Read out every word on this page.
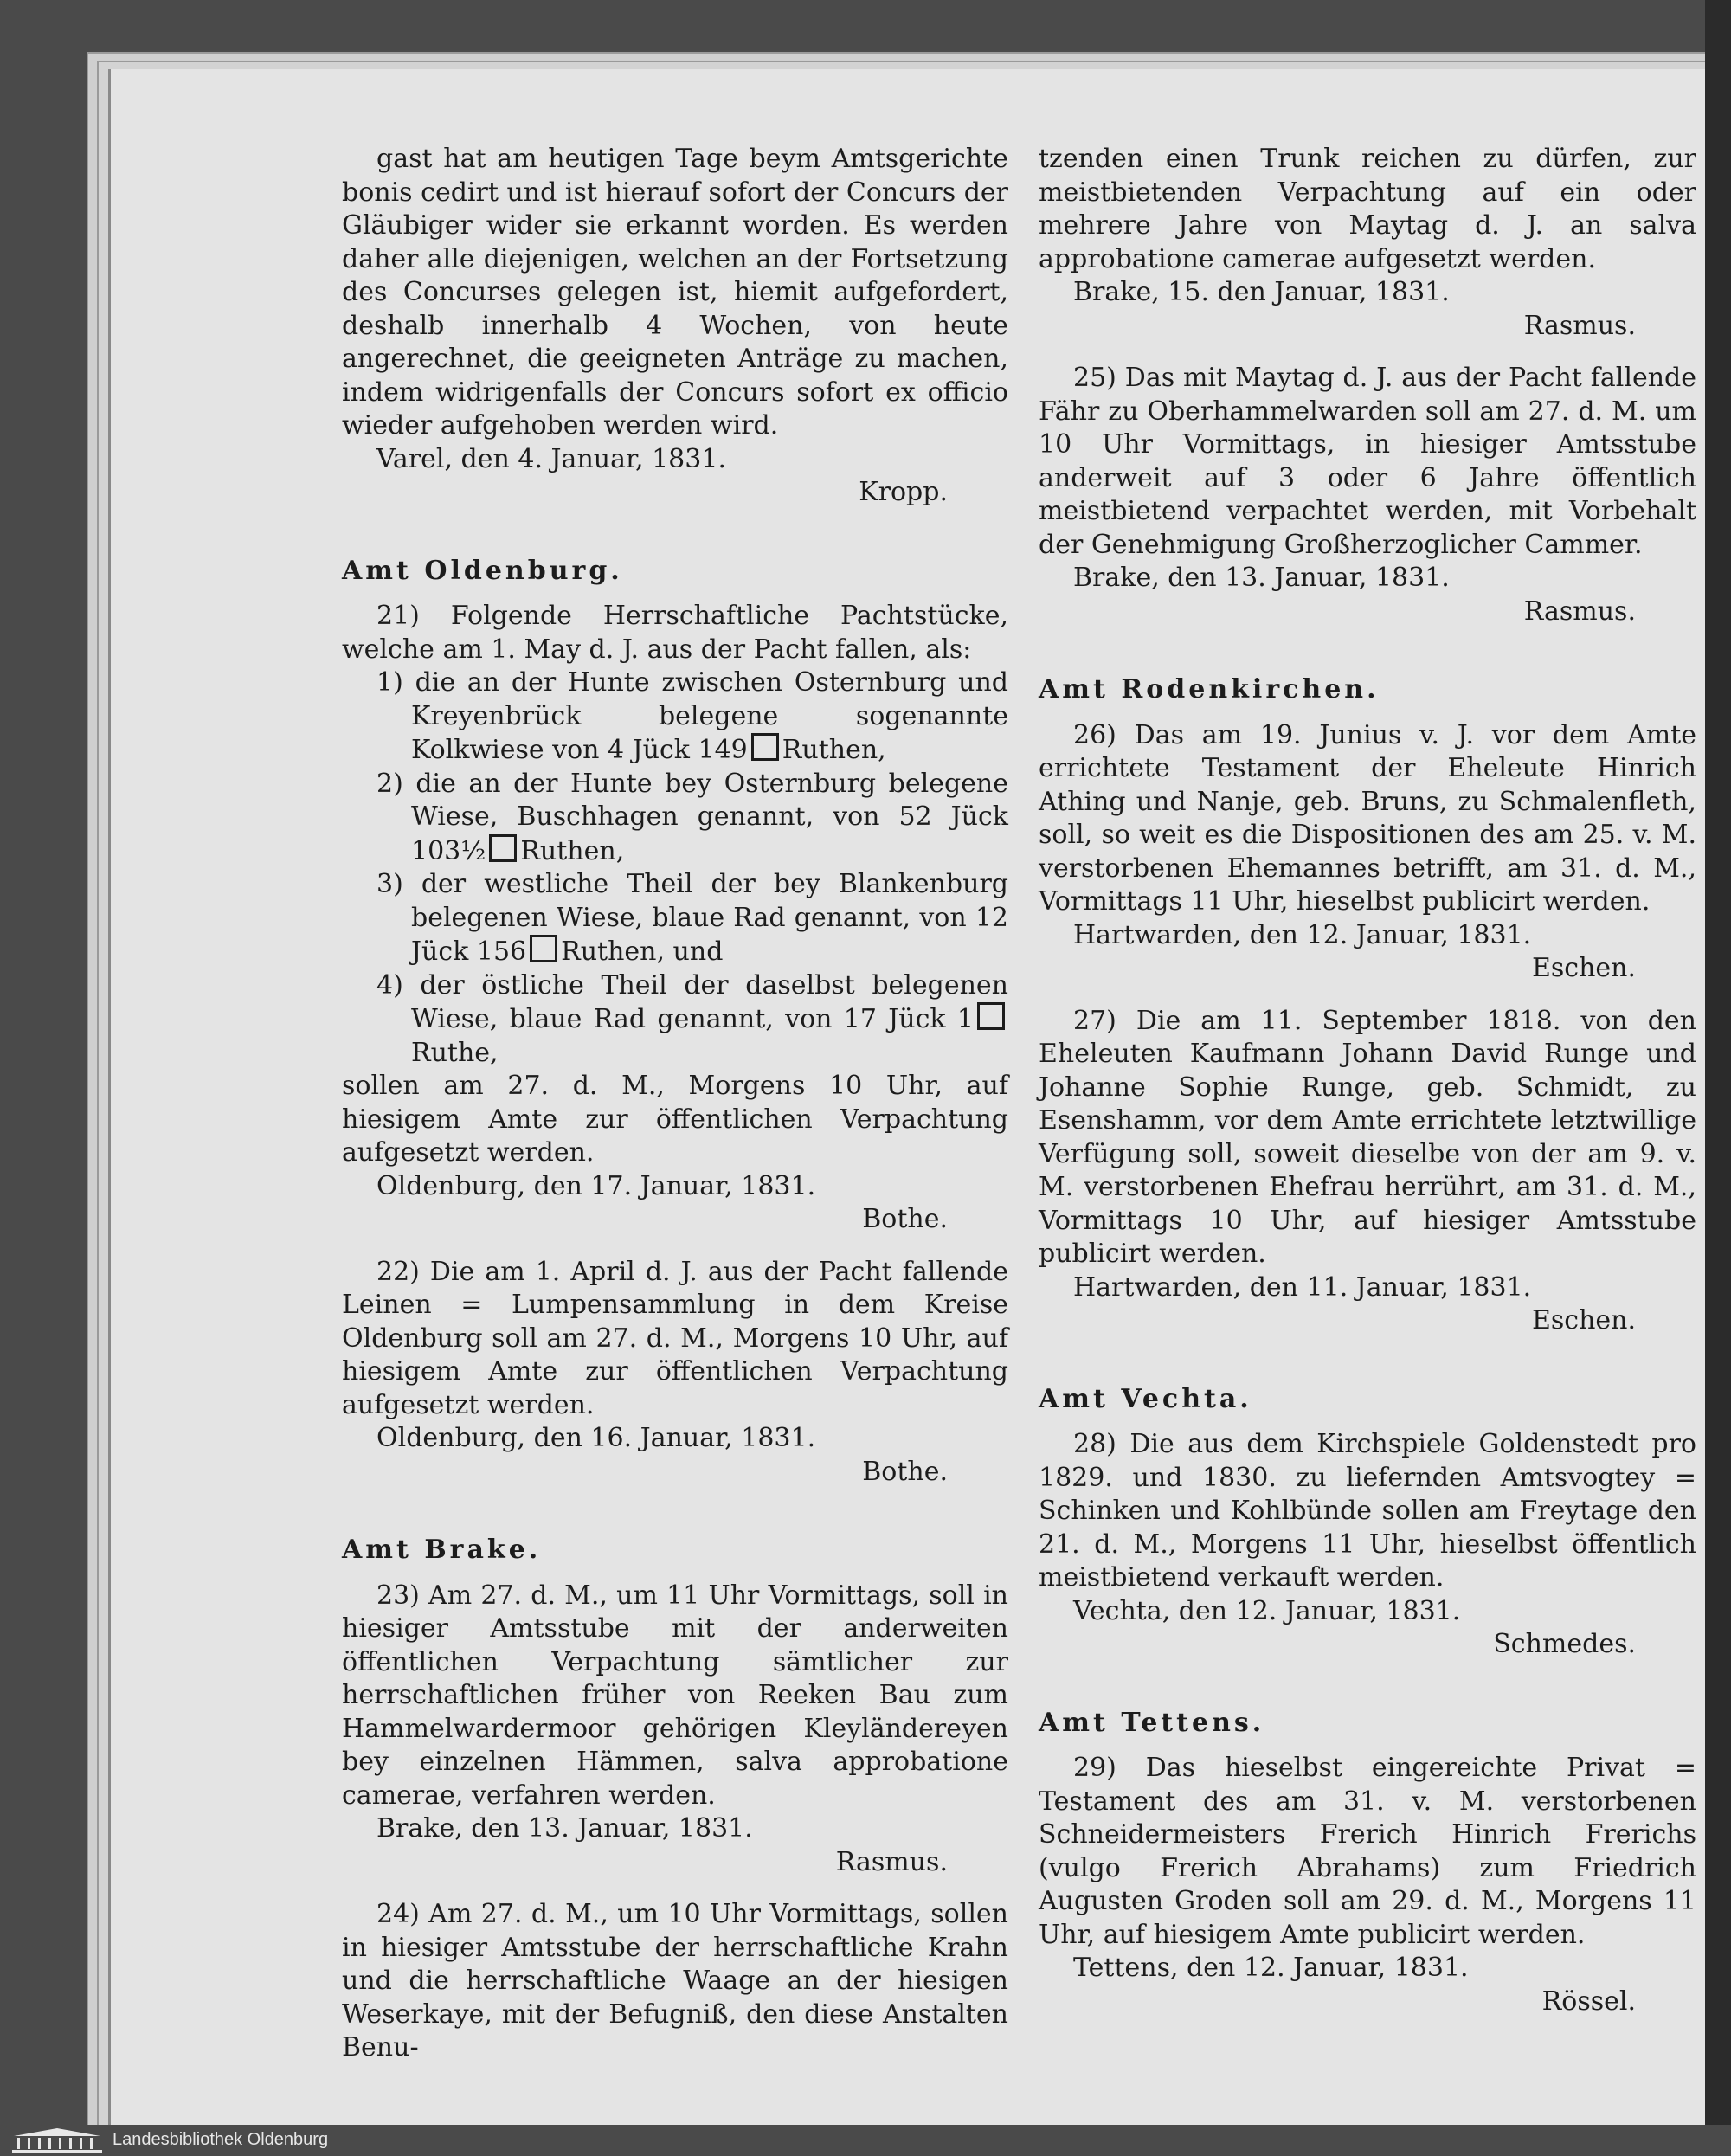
gast hat am heutigen Tage beym Amtsgerichte bonis cedirt und ist hierauf sofort der Concurs der Gläubiger wider sie erkannt worden. Es werden daher alle diejenigen, welchen an der Fortsetzung des Concurses gelegen ist, hiemit aufgefordert, deshalb innerhalb 4 Wochen, von heute angerechnet, die geeigneten Anträge zu machen, indem widrigenfalls der Concurs sofort ex officio wieder aufgehoben werden wird.

Varel, den 4. Januar, 1831.

Kropp.

Amt Oldenburg.

21) Folgende Herrschaftliche Pachtstücke, welche am 1. May d. J. aus der Pacht fallen, als:

1) die an der Hunte zwischen Osternburg und Kreyenbrück belegene sogenannte Kolkwiese von 4 Jück 149 Ruthen,

2) die an der Hunte bey Osternburg belegene Wiese, Buschhagen genannt, von 52 Jück 103½ Ruthen,

3) der westliche Theil der bey Blankenburg belegenen Wiese, blaue Rad genannt, von 12 Jück 156 Ruthen, und

4) der östliche Theil der daselbst belegenen Wiese, blaue Rad genannt, von 17 Jück 1Ruthe,

sollen am 27. d. M., Morgens 10 Uhr, auf hiesigem Amte zur öffentlichen Verpachtung aufgesetzt werden.

Oldenburg, den 17. Januar, 1831.

Bothe.

22) Die am 1. April d. J. aus der Pacht fallende Leinen = Lumpensammlung in dem Kreise Oldenburg soll am 27. d. M., Morgens 10 Uhr, auf hiesigem Amte zur öffentlichen Verpachtung aufgesetzt werden.

Oldenburg, den 16. Januar, 1831.

Bothe.

Amt Brake.

23) Am 27. d. M., um 11 Uhr Vormittags, soll in hiesiger Amtsstube mit der anderweiten öffentlichen Verpachtung sämtlicher zur herrschaftlichen früher von Reeken Bau zum Hammelwardermoor gehörigen Kleyländereyen bey einzelnen Hämmen, salva approbatione camerae, verfahren werden.

Brake, den 13. Januar, 1831.

Rasmus.

24) Am 27. d. M., um 10 Uhr Vormittags, sollen in hiesiger Amtsstube der herrschaftliche Krahn und die herrschaftliche Waage an der hiesigen Weserkaye, mit der Befugniß, den diese Anstalten Benu-

tzenden einen Trunk reichen zu dürfen, zur meistbietenden Verpachtung auf ein oder mehrere Jahre von Maytag d. J. an salva approbatione camerae aufgesetzt werden.

Brake, 15. den Januar, 1831.

Rasmus.

25) Das mit Maytag d. J. aus der Pacht fallende Fähr zu Oberhammelwarden soll am 27. d. M. um 10 Uhr Vormittags, in hiesiger Amtsstube anderweit auf 3 oder 6 Jahre öffentlich meistbietend verpachtet werden, mit Vorbehalt der Genehmigung Großherzoglicher Cammer.

Brake, den 13. Januar, 1831.

Rasmus.

Amt Rodenkirchen.

26) Das am 19. Junius v. J. vor dem Amte errichtete Testament der Eheleute Hinrich Athing und Nanje, geb. Bruns, zu Schmalenfleth, soll, so weit es die Dispositionen des am 25. v. M. verstorbenen Ehemannes betrifft, am 31. d. M., Vormittags 11 Uhr, hieselbst publicirt werden.

Hartwarden, den 12. Januar, 1831.

Eschen.

27) Die am 11. September 1818. von den Eheleuten Kaufmann Johann David Runge und Johanne Sophie Runge, geb. Schmidt, zu Esenshamm, vor dem Amte errichtete letztwillige Verfügung soll, soweit dieselbe von der am 9. v. M. verstorbenen Ehefrau herrührt, am 31. d. M., Vormittags 10 Uhr, auf hiesiger Amtsstube publicirt werden.

Hartwarden, den 11. Januar, 1831.

Eschen.

Amt Vechta.

28) Die aus dem Kirchspiele Goldenstedt pro 1829. und 1830. zu liefernden Amtsvogtey = Schinken und Kohlbünde sollen am Freytage den 21. d. M., Morgens 11 Uhr, hieselbst öffentlich meistbietend verkauft werden.

Vechta, den 12. Januar, 1831.

Schmedes.

Amt Tettens.

29) Das hieselbst eingereichte Privat = Testament des am 31. v. M. verstorbenen Schneidermeisters Frerich Hinrich Frerichs (vulgo Frerich Abrahams) zum Friedrich Augusten Groden soll am 29. d. M., Morgens 11 Uhr, auf hiesigem Amte publicirt werden.

Tettens, den 12. Januar, 1831.

Rössel.

Landesbibliothek Oldenburg
